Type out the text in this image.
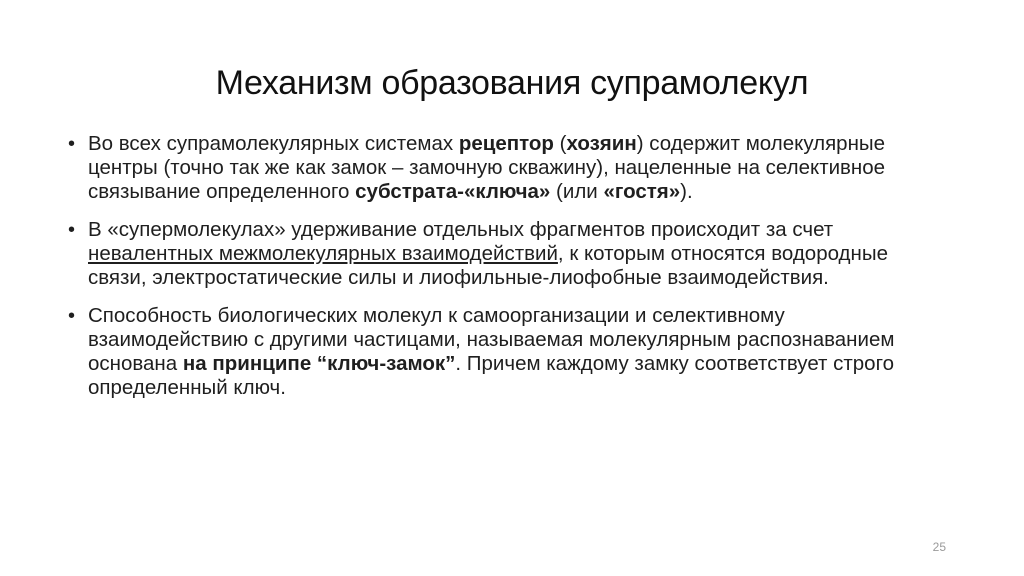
Механизм образования супрамолекул
• Во всех супрамолекулярных системах рецептор (хозяин) содержит молекулярные центры (точно так же как замок – замочную скважину), нацеленные на селективное связывание определенного субстрата-«ключа» (или «гостя»).
• В «супермолекулах» удерживание отдельных фрагментов происходит за счет невалентных межмолекулярных взаимодействий, к которым относятся водородные связи, электростатические силы и лиофильные-лиофобные взаимодействия.
• Способность биологических молекул к самоорганизации и селективному взаимодействию с другими частицами, называемая молекулярным распознаванием основана на принципе “ключ-замок”. Причем каждому замку соответствует строго определенный ключ.
25
